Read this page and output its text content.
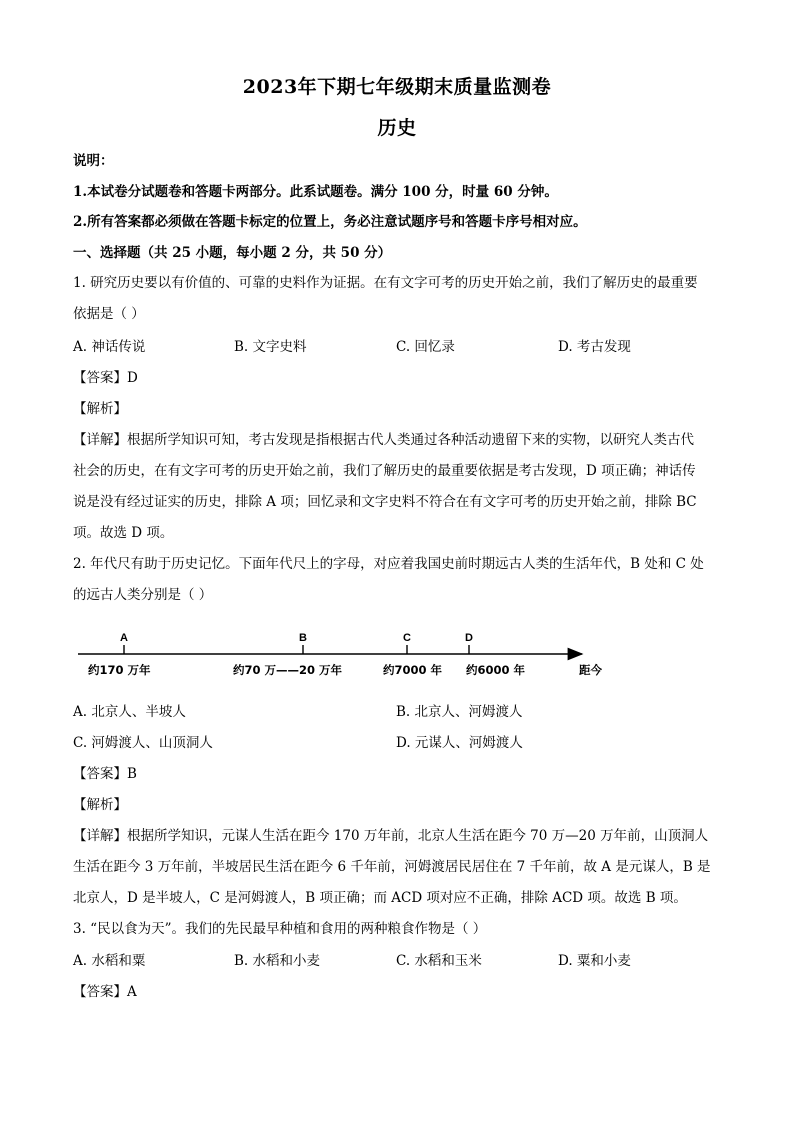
2023年下期七年级期末质量监测卷
历史
说明：
1.本试卷分试题卷和答题卡两部分。此系试题卷。满分 100 分，时量 60 分钟。
2.所有答案都必须做在答题卡标定的位置上，务必注意试题序号和答题卡序号相对应。
一、选择题（共 25 小题，每小题 2 分，共 50 分）
1. 研究历史要以有价值的、可靠的史料作为证据。在有文字可考的历史开始之前，我们了解历史的最重要
依据是（ ）
A. 神话传说	B. 文字史料	C. 回忆录	D. 考古发现
【答案】D
【解析】
【详解】根据所学知识可知，考古发现是指根据古代人类通过各种活动遗留下来的实物，以研究人类古代
社会的历史，在有文字可考的历史开始之前，我们了解历史的最重要依据是考古发现，D 项正确；神话传
说是没有经过证实的历史，排除 A 项；回忆录和文字史料不符合在有文字可考的历史开始之前，排除 BC
项。故选 D 项。
2. 年代尺有助于历史记忆。下面年代尺上的字母，对应着我国史前时期远古人类的生活年代，B 处和 C 处
的远古人类分别是（ ）
A	B	C	D
约170 万年	约70 万——20 万年	约7000 年 约6000 年	距今
A. 北京人、半坡人	B. 北京人、河姆渡人
C. 河姆渡人、山顶洞人	D. 元谋人、河姆渡人
【答案】B
【解析】
【详解】根据所学知识，元谋人生活在距今 170 万年前，北京人生活在距今 70 万—20 万年前，山顶洞人
生活在距今 3 万年前，半坡居民生活在距今 6 千年前，河姆渡居民居住在 7 千年前，故 A 是元谋人，B 是
北京人，D 是半坡人，C 是河姆渡人，B 项正确；而 ACD 项对应不正确，排除 ACD 项。故选 B 项。
3. “民以食为天”。我们的先民最早种植和食用的两种粮食作物是（ ）
A. 水稻和粟	B. 水稻和小麦	C. 水稻和玉米	D. 粟和小麦
【答案】A
